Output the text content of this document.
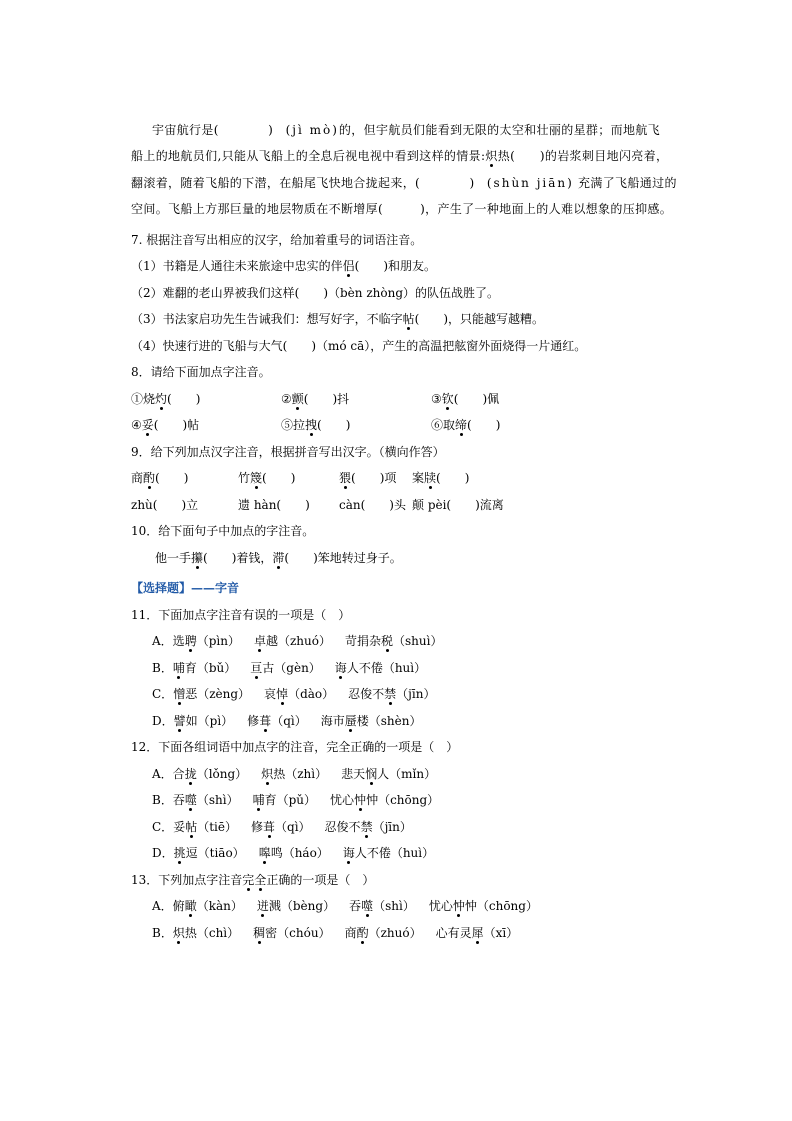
宇宙航行是(　　　　)　(jì mò)的，但宇航员们能看到无限的太空和壮丽的星群；而地航飞
船上的地航员们,只能从飞船上的全息后视电视中看到这样的情景:炽热(　　)的岩浆刺目地闪亮着，
翻滚着，随着飞船的下潜，在船尾飞快地合拢起来，(　　　　)　(shùn jiān) 充满了飞船通过的
空间。飞船上方那巨量的地层物质在不断增厚(　　　)，产生了一种地面上的人难以想象的压抑感。
7. 根据注音写出相应的汉字，给加着重号的词语注音。
（1）书籍是人通往未来旅途中忠实的伴侣(　　)和朋友。
（2）难翻的老山界被我们这样(　　)（bèn zhòng）的队伍战胜了。
（3）书法家启功先生告诫我们：想写好字，不临字帖(　　)，只能越写越糟。
（4）快速行进的飞船与大气(　　)（mó cā），产生的高温把舷窗外面烧得一片通红。
8．请给下面加点字注音。
①烧灼(　　)	②颤(　　)抖	③钦(　　)佩
④妥(　　)帖	⑤拉拽(　　)	⑥取缔(　　)
9．给下列加点汉字注音，根据拼音写出汉字。（横向作答）
商酌(　　)	竹篾(　　)	猥(　　)项 案牍(　　)
zhù(　　)立	遗 hàn(　　) càn(　　)头 颠 pèi(　　)流离
10．给下面句子中加点的字注音。
他一手攥(　　)着钱，滞(　　)笨地转过身子。
【选择题】——字音
11．下面加点字注音有误的一项是（　）
A．选聘（pìn） 卓越（zhuó） 苛捐杂税（shuì）
B．哺育（bǔ） 亘古（gèn） 诲人不倦（huì）
C．憎恶（zèng） 哀悼（dào） 忍俊不禁（jīn）
D．譬如（pì） 修葺（qì） 海市蜃楼（shèn）
12．下面各组词语中加点字的注音，完全正确的一项是（　）
A．合拢（lǒng） 炽热（zhì） 悲天悯人（mǐn）
B．吞噬（shì） 哺育（pǔ） 忧心忡忡（chōng）
C．妥帖（tiē） 修葺（qì） 忍俊不禁（jīn）
D．挑逗（tiāo） 嗥鸣（háo） 诲人不倦（huì）
13．下列加点字注音完全正确的一项是（　）
A．俯瞰（kàn） 迸溅（bèng） 吞噬（shì） 忧心忡忡（chōng）
B．炽热（chì） 稠密（chóu） 商酌（zhuó） 心有灵犀（xī）
